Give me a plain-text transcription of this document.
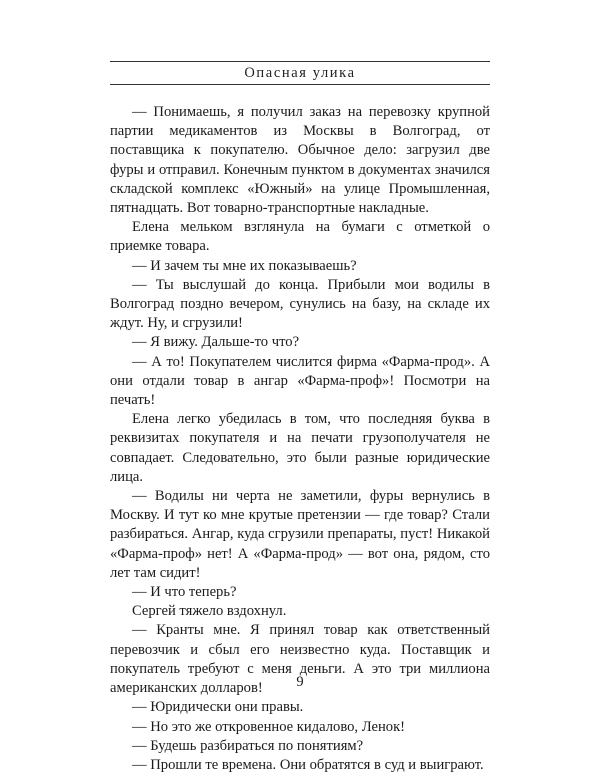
Опасная улика

— Понимаешь, я получил заказ на перевозку крупной партии медикаментов из Москвы в Волгоград, от поставщика к покупателю. Обычное дело: загрузил две фуры и отправил. Конечным пунктом в документах значился складской комплекс «Южный» на улице Промышленная, пятнадцать. Вот товарно-транспортные накладные.

Елена мельком взглянула на бумаги с отметкой о приемке товара.

— И зачем ты мне их показываешь?

— Ты выслушай до конца. Прибыли мои водилы в Волгоград поздно вечером, сунулись на базу, на складе их ждут. Ну, и сгрузили!

— Я вижу. Дальше-то что?

— А то! Покупателем числится фирма «Фарма-прод». А они отдали товар в ангар «Фарма-проф»! Посмотри на печать!

Елена легко убедилась в том, что последняя буква в реквизитах покупателя и на печати грузополучателя не совпадает. Следовательно, это были разные юридические лица.

— Водилы ни черта не заметили, фуры вернулись в Москву. И тут ко мне крутые претензии — где товар? Стали разбираться. Ангар, куда сгрузили препараты, пуст! Никакой «Фарма-проф» нет! А «Фарма-прод» — вот она, рядом, сто лет там сидит!

— И что теперь?

Сергей тяжело вздохнул.

— Кранты мне. Я принял товар как ответственный перевозчик и сбыл его неизвестно куда. Поставщик и покупатель требуют с меня деньги. А это три миллиона американских долларов!

— Юридически они правы.

— Но это же откровенное кидалово, Ленок!

— Будешь разбираться по понятиям?

— Прошли те времена. Они обратятся в суд и выиграют.

9
